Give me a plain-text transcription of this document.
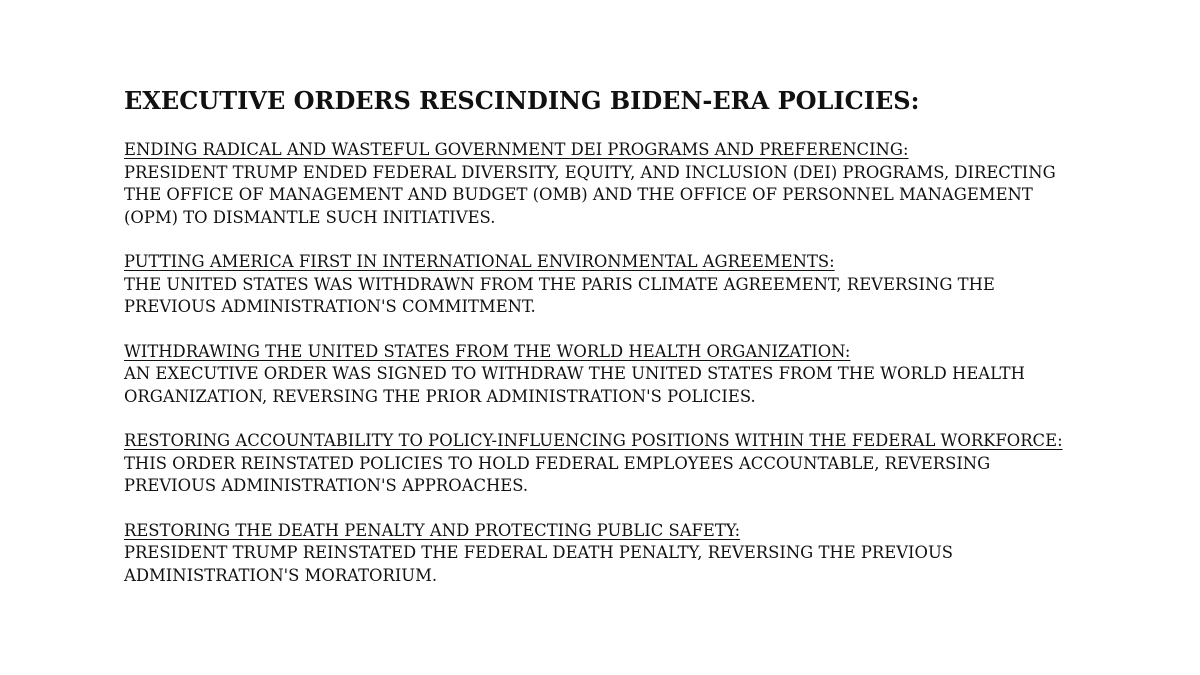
EXECUTIVE ORDERS RESCINDING BIDEN-ERA POLICIES:

ENDING RADICAL AND WASTEFUL GOVERNMENT DEI PROGRAMS AND PREFERENCING:

PRESIDENT TRUMP ENDED FEDERAL DIVERSITY, EQUITY, AND INCLUSION (DEI) PROGRAMS, DIRECTING
THE OFFICE OF MANAGEMENT AND BUDGET (OMB) AND THE OFFICE OF PERSONNEL MANAGEMENT
(OPM) TO DISMANTLE SUCH INITIATIVES.

PUTTING AMERICA FIRST IN INTERNATIONAL ENVIRONMENTAL AGREEMENTS:

THE UNITED STATES WAS WITHDRAWN FROM THE PARIS CLIMATE AGREEMENT, REVERSING THE
PREVIOUS ADMINISTRATION'S COMMITMENT.

WITHDRAWING THE UNITED STATES FROM THE WORLD HEALTH ORGANIZATION:

AN EXECUTIVE ORDER WAS SIGNED TO WITHDRAW THE UNITED STATES FROM THE WORLD HEALTH
ORGANIZATION, REVERSING THE PRIOR ADMINISTRATION'S POLICIES.

RESTORING ACCOUNTABILITY TO POLICY-INFLUENCING POSITIONS WITHIN THE FEDERAL WORKFORCE:

THIS ORDER REINSTATED POLICIES TO HOLD FEDERAL EMPLOYEES ACCOUNTABLE, REVERSING
PREVIOUS ADMINISTRATION'S APPROACHES.

RESTORING THE DEATH PENALTY AND PROTECTING PUBLIC SAFETY:

PRESIDENT TRUMP REINSTATED THE FEDERAL DEATH PENALTY, REVERSING THE PREVIOUS
ADMINISTRATION'S MORATORIUM.
